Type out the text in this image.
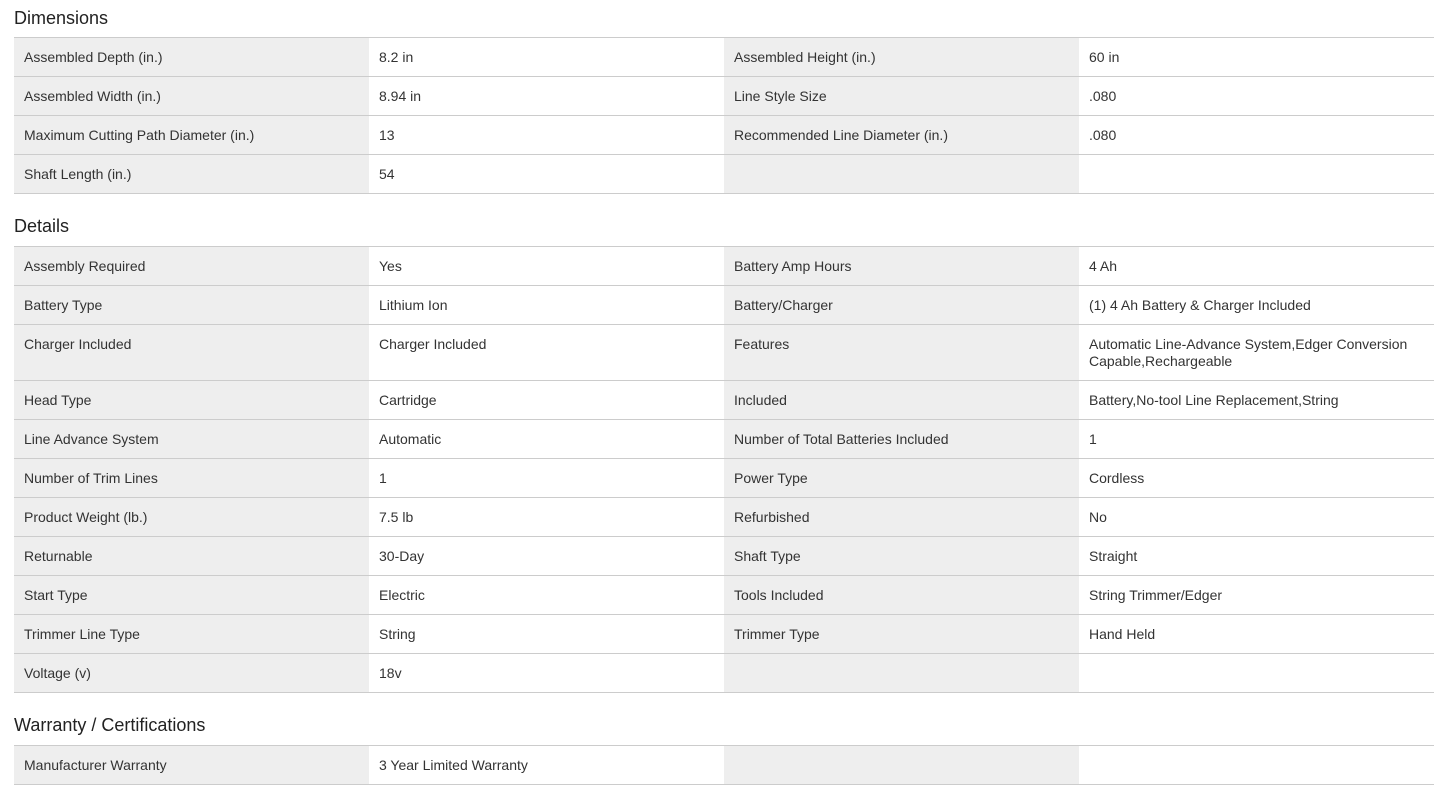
Dimensions
Assembled Depth (in.)	8.2 in	Assembled Height (in.)	60 in
Assembled Width (in.)	8.94 in	Line Style Size	.080
Maximum Cutting Path Diameter (in.)	13	Recommended Line Diameter (in.)	.080
Shaft Length (in.)	54		
Details
Assembly Required	Yes	Battery Amp Hours	4 Ah
Battery Type	Lithium Ion	Battery/Charger	(1) 4 Ah Battery & Charger Included
Charger Included	Charger Included	Features	Automatic Line-Advance System,Edger Conversion Capable,Rechargeable
Head Type	Cartridge	Included	Battery,No-tool Line Replacement,String
Line Advance System	Automatic	Number of Total Batteries Included	1
Number of Trim Lines	1	Power Type	Cordless
Product Weight (lb.)	7.5 lb	Refurbished	No
Returnable	30-Day	Shaft Type	Straight
Start Type	Electric	Tools Included	String Trimmer/Edger
Trimmer Line Type	String	Trimmer Type	Hand Held
Voltage (v)	18v		
Warranty / Certifications
Manufacturer Warranty	3 Year Limited Warranty		
